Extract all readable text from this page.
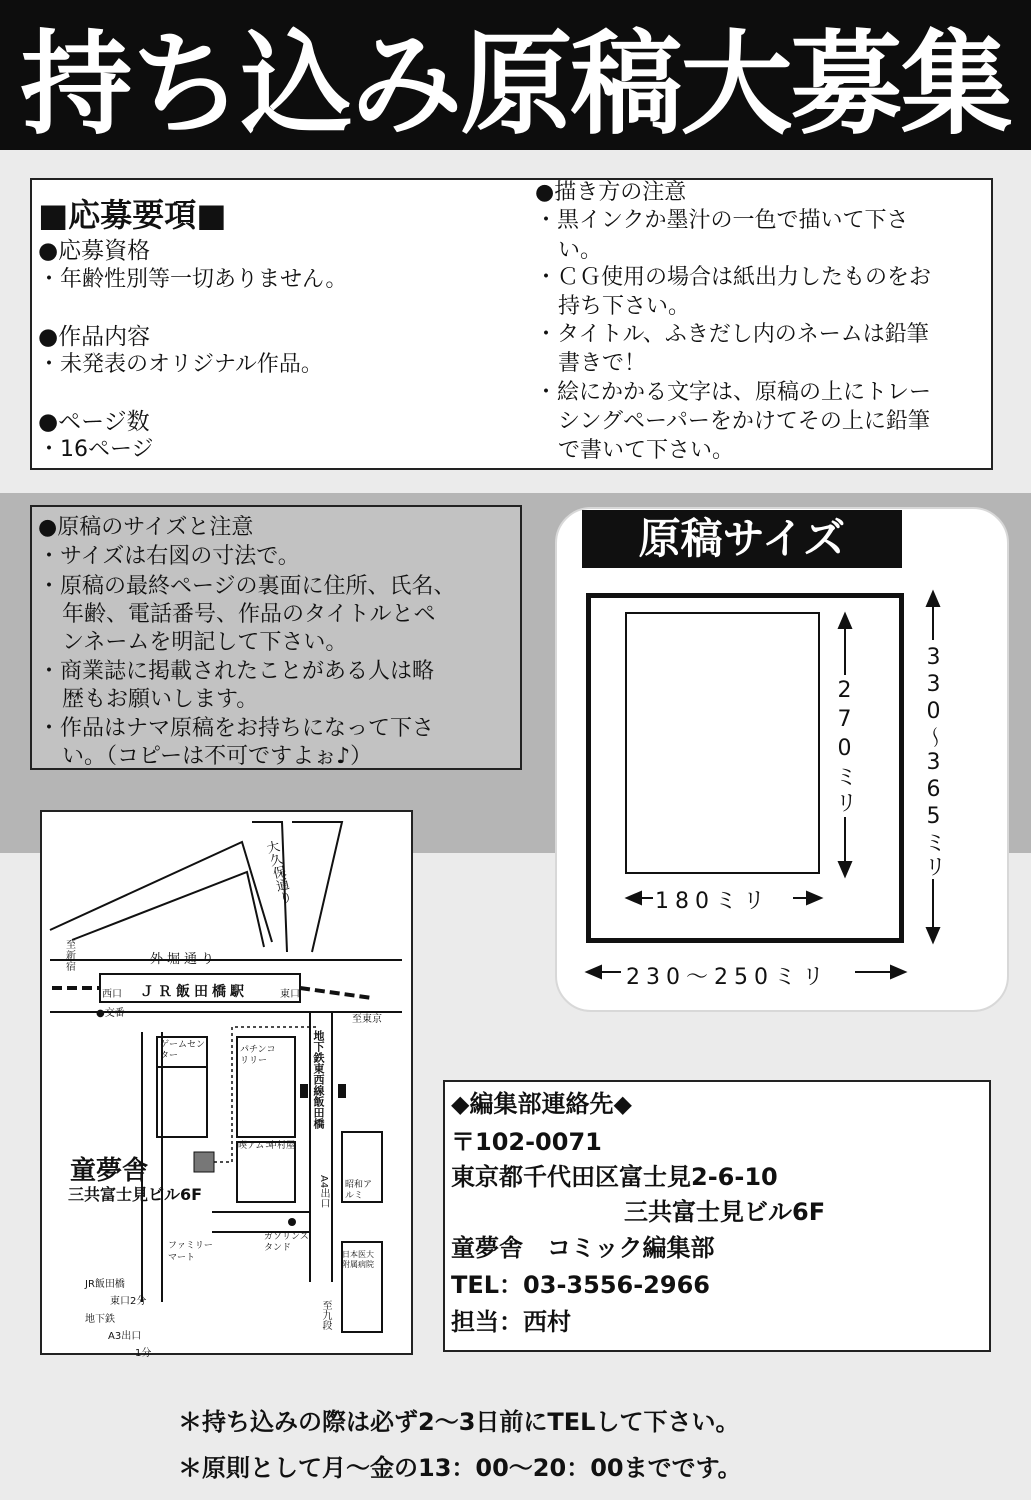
持ち込み原稿大募集
■応募要項■
●応募資格
・年齢性別等一切ありません。
●作品内容
・未発表のオリジナル作品。
●ページ数
・16ページ
●描き方の注意
・黒インクか墨汁の一色で描いて下さ
い。
・ＣＧ使用の場合は紙出力したものをお
持ち下さい。
・タイトル、ふきだし内のネームは鉛筆
書きで！
・絵にかかる文字は、原稿の上にトレー
シングペーパーをかけてその上に鉛筆
で書いて下さい。
●原稿のサイズと注意
・サイズは右図の寸法で。
・原稿の最終ページの裏面に住所、氏名、
年齢、電話番号、作品のタイトルとペ
ンネームを明記して下さい。
・商業誌に掲載されたことがある人は略
歴もお願いします。
・作品はナマ原稿をお持ちになって下さ
い。（コピーは不可ですよぉ♪）
原稿サイズ
270ミリ
180ミリ
330〜365ミリ
230〜250ミリ
大久保通り
外堀通り
ＪＲ飯田橋駅
西口	東口
●交番
至新宿
至東京
ゲームセンター
パチンコリリー	地下鉄東西線飯田橋
A4出口
喫アムコ
中村屋
昭和アルミ
ガソリンスタンド
ファミリーマート	日本医大附属病院
至九段
童夢舎
三共富士見ビル6F
JR飯田橋
東口2分
地下鉄
A3出口
1分
◆編集部連絡先◆
〒102-0071
東京都千代田区富士見2-6-10
三共富士見ビル6F
童夢舎　コミック編集部
TEL：03-3556-2966
担当：西村
＊持ち込みの際は必ず2〜3日前にTELして下さい。
＊原則として月〜金の13：00〜20：00までです。
